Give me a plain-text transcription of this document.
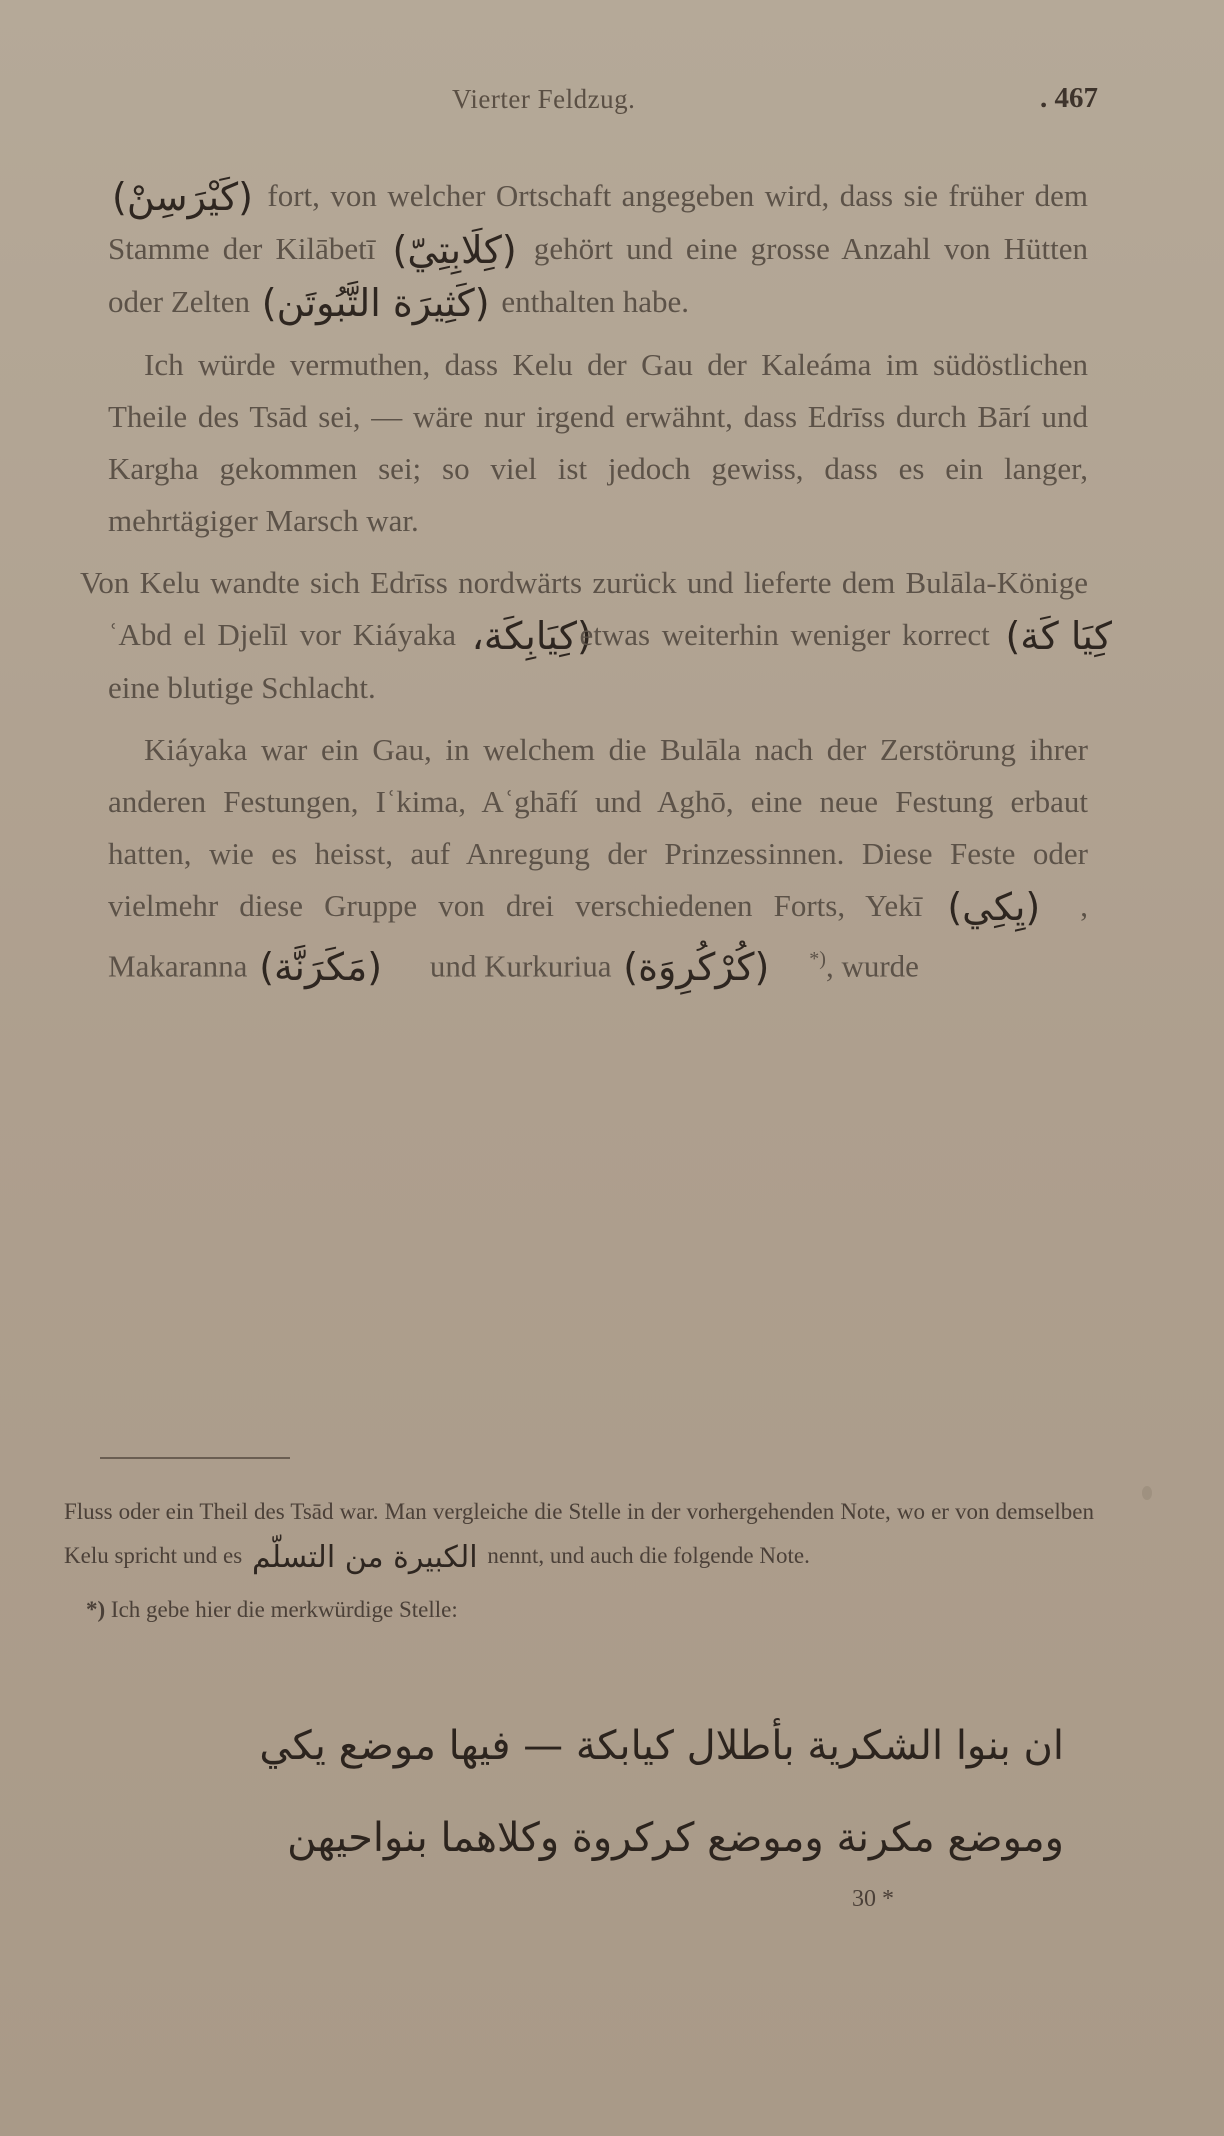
Vierter Feldzug.	. 467

(كَيْرَسِنْ) fort, von welcher Ortschaft angegeben wird, dass sie früher dem Stamme der Kilābetī (كِلَابِتِيّ) gehört und eine grosse Anzahl von Hütten oder Zelten (كَثِيرَة التَّبُوتَن) enthalten habe.

Ich würde vermuthen, dass Kelu der Gau der Kaleáma im südöstlichen Theile des Tsād sei, — wäre nur irgend erwähnt, dass Edrīss durch Bārí und Kargha gekommen sei; so viel ist jedoch gewiss, dass es ein langer, mehrtägiger Marsch war.

Von Kelu wandte sich Edrīss nordwärts zurück und lieferte dem Bulāla-Könige ʿAbd el Djelīl vor Kiáyaka (كِيَابِكَة، etwas weiterhin weniger korrect كِيَا كَة) eine blutige Schlacht.

Kiáyaka war ein Gau, in welchem die Bulāla nach der Zerstörung ihrer anderen Festungen, Iʿkima, Aʿghāfí und Aghō, eine neue Festung erbaut hatten, wie es heisst, auf Anregung der Prinzessinnen. Diese Feste oder vielmehr diese Gruppe von drei verschiedenen Forts, Yekī (يِكِي) , Makaranna (مَكَرَنَّة) und Kurkuriua (كُرْكُرِوَة) *), wurde

Fluss oder ein Theil des Tsād war. Man vergleiche die Stelle in der vorhergehenden Note, wo er von demselben Kelu spricht und es الكبيرة من التسلّم nennt, und auch die folgende Note.

*) Ich gebe hier die merkwürdige Stelle:

ان بنوا الشكرية بأطلال كيابكة — فيها موضع يكي
وموضع مكرنة وموضع كركروة وكلاهما بنواحيهن
30 *
